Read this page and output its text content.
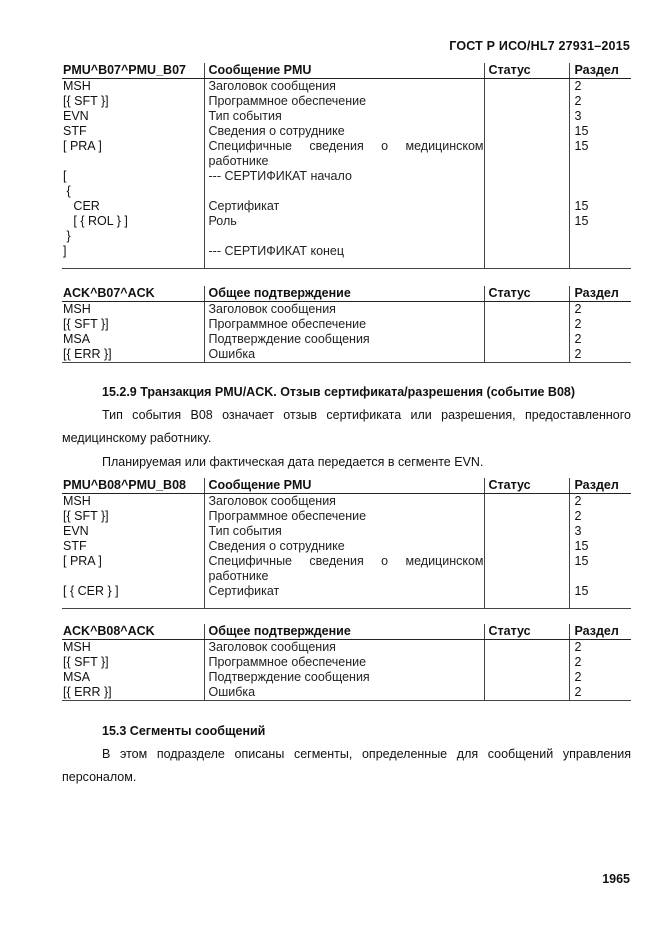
ГОСТ Р ИСО/HL7 27931–2015
PMU^B07^PMU_B07	Сообщение PMU	Статус	Раздел
MSH	Заголовок сообщения		2
[{ SFT }]	Программное обеспечение		2
EVN	Тип события		3
STF	Сведения о сотруднике		15
[ PRA ]	Специфичные сведения о медицинском работнике		15
[	--- СЕРТИФИКАТ начало		
{			
CER	Сертификат		15
[ { ROL } ]	Роль		15
}			
]	--- СЕРТИФИКАТ конец		

ACK^B07^ACK	Общее подтверждение	Статус	Раздел
MSH	Заголовок сообщения		2
[{ SFT }]	Программное обеспечение		2
MSA	Подтверждение сообщения		2
[{ ERR }]	Ошибка		2
15.2.9 Транзакция PMU/ACK. Отзыв сертификата/разрешения (событие B08)
Тип события B08 означает отзыв сертификата или разрешения, предоставленного медицинскому работнику.
Планируемая или фактическая дата передается в сегменте EVN.
PMU^B08^PMU_B08	Сообщение PMU	Статус	Раздел
MSH	Заголовок сообщения		2
[{ SFT }]	Программное обеспечение		2
EVN	Тип события		3
STF	Сведения о сотруднике		15
[ PRA ]	Специфичные сведения о медицинском работнике		15
[ { CER } ]	Сертификат		15

ACK^B08^ACK	Общее подтверждение	Статус	Раздел
MSH	Заголовок сообщения		2
[{ SFT }]	Программное обеспечение		2
MSA	Подтверждение сообщения		2
[{ ERR }]	Ошибка		2
15.3 Сегменты сообщений
В этом подразделе описаны сегменты, определенные для сообщений управления персоналом.
1965
